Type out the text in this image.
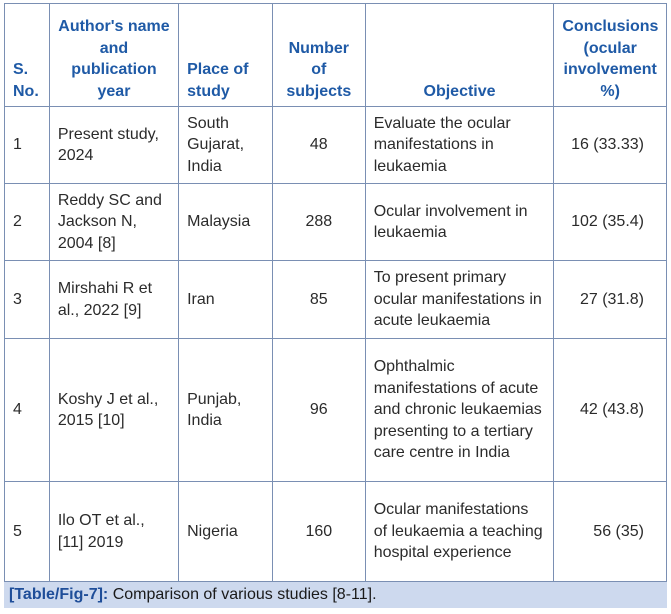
S. No.	Author's name and publication year	Place of study	Number of subjects	Objective	Conclusions (ocular involvement %)
1	Present study, 2024	South Gujarat, India	48	Evaluate the ocular manifestations in leukaemia	16 (33.33)
2	Reddy SC and Jackson N, 2004 [8]	Malaysia	288	Ocular involvement in leukaemia	102 (35.4)
3	Mirshahi R et al., 2022 [9]	Iran	85	To present primary ocular manifestations in acute leukaemia	27 (31.8)
4	Koshy J et al., 2015 [10]	Punjab, India	96	Ophthalmic manifestations of acute and chronic leukaemias presenting to a tertiary care centre in India	42 (43.8)
5	Ilo OT et al., [11] 2019	Nigeria	160	Ocular manifestations of leukaemia a teaching hospital experience	56 (35)
[Table/Fig-7]: Comparison of various studies [8-11].
